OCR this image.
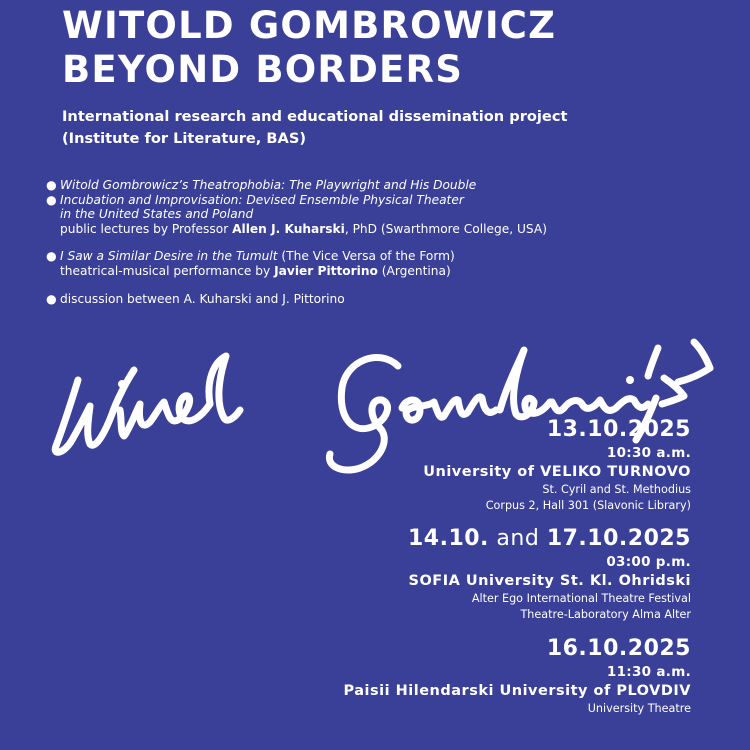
WITOLD GOMBROWICZ
BEYOND BORDERS
International research and educational dissemination project
(Institute for Literature, BAS)
● Witold Gombrowicz’s Theatrophobia: The Playwright and His Double
● Incubation and Improvisation: Devised Ensemble Physical Theater
in the United States and Poland
public lectures by Professor Allen J. Kuharski, PhD (Swarthmore College, USA)
● I Saw a Similar Desire in the Tumult (The Vice Versa of the Form)
theatrical-musical performance by Javier Pittorino (Argentina)
● discussion between A. Kuharski and J. Pittorino
13.10.2025
10:30 a.m.
University of VELIKO TURNOVO
St. Cyril and St. Methodius
Corpus 2, Hall 301 (Slavonic Library)
14.10. and 17.10.2025
03:00 p.m.
SOFIA University St. Kl. Ohridski
Alter Ego International Theatre Festival
Theatre-Laboratory Alma Alter
16.10.2025
11:30 a.m.
Paisii Hilendarski University of PLOVDIV
University Theatre
